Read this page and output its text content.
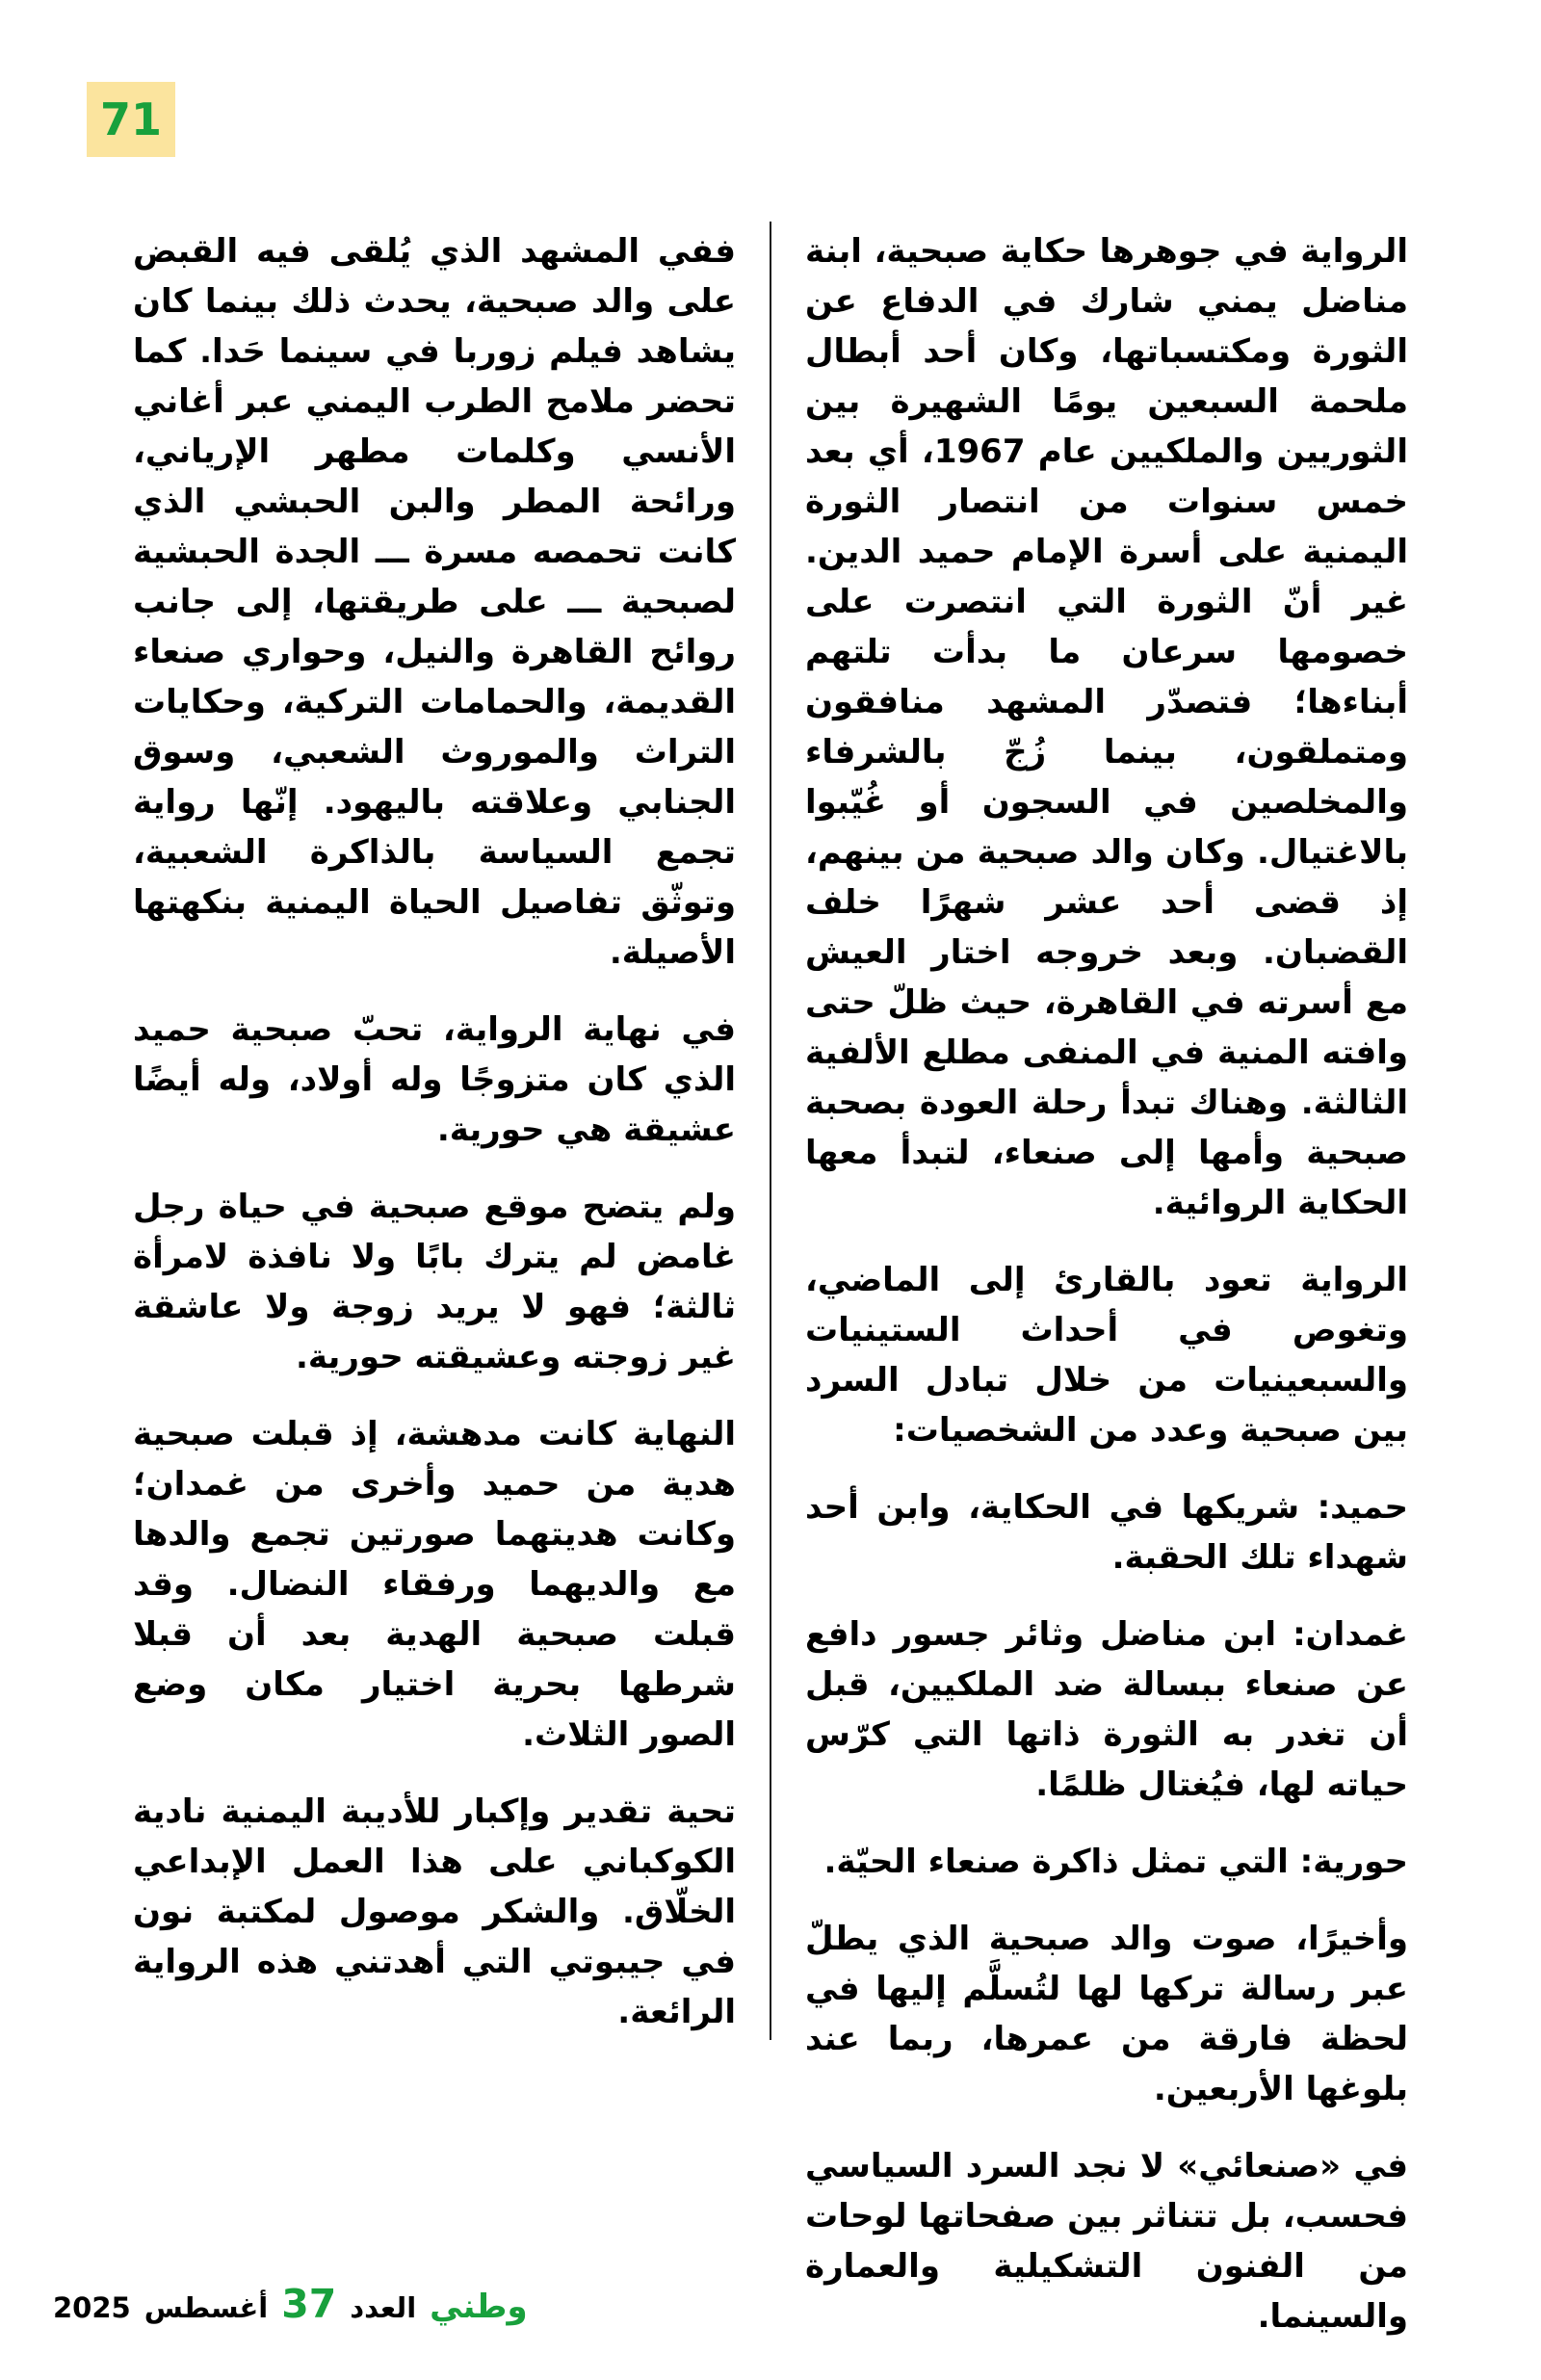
71

الرواية في جوهرها حكاية صبحية، ابنة مناضل يمني شارك في الدفاع عن الثورة ومكتسباتها، وكان أحد أبطال ملحمة السبعين يومًا الشهيرة بين الثوريين والملكيين عام 1967، أي بعد خمس سنوات من انتصار الثورة اليمنية على أسرة الإمام حميد الدين. غير أنّ الثورة التي انتصرت على خصومها سرعان ما بدأت تلتهم أبناءها؛ فتصدّر المشهد منافقون ومتملقون، بينما زُجّ بالشرفاء والمخلصين في السجون أو غُيّبوا بالاغتيال. وكان والد صبحية من بينهم، إذ قضى أحد عشر شهرًا خلف القضبان. وبعد خروجه اختار العيش مع أسرته في القاهرة، حيث ظلّ حتى وافته المنية في المنفى مطلع الألفية الثالثة. وهناك تبدأ رحلة العودة بصحبة صبحية وأمها إلى صنعاء، لتبدأ معها الحكاية الروائية.

الرواية تعود بالقارئ إلى الماضي، وتغوص في أحداث الستينيات والسبعينيات من خلال تبادل السرد بين صبحية وعدد من الشخصيات:

حميد: شريكها في الحكاية، وابن أحد شهداء تلك الحقبة.

غمدان: ابن مناضل وثائر جسور دافع عن صنعاء ببسالة ضد الملكيين، قبل أن تغدر به الثورة ذاتها التي كرّس حياته لها، فيُغتال ظلمًا.

حورية: التي تمثل ذاكرة صنعاء الحيّة.

وأخيرًا، صوت والد صبحية الذي يطلّ عبر رسالة تركها لها لتُسلَّم إليها في لحظة فارقة من عمرها، ربما عند بلوغها الأربعين.

في «صنعائي» لا نجد السرد السياسي فحسب، بل تتناثر بين صفحاتها لوحات من الفنون التشكيلية والعمارة والسينما.

ففي المشهد الذي يُلقى فيه القبض على والد صبحية، يحدث ذلك بينما كان يشاهد فيلم زوربا في سينما حَدا. كما تحضر ملامح الطرب اليمني عبر أغاني الأنسي وكلمات مطهر الإرياني، ورائحة المطر والبن الحبشي الذي كانت تحمصه مسرة ـــ الجدة الحبشية لصبحية ـــ على طريقتها، إلى جانب روائح القاهرة والنيل، وحواري صنعاء القديمة، والحمامات التركية، وحكايات التراث والموروث الشعبي، وسوق الجنابي وعلاقته باليهود. إنّها رواية تجمع السياسة بالذاكرة الشعبية، وتوثّق تفاصيل الحياة اليمنية بنكهتها الأصيلة.

في نهاية الرواية، تحبّ صبحية حميد الذي كان متزوجًا وله أولاد، وله أيضًا عشيقة هي حورية.

ولم يتضح موقع صبحية في حياة رجل غامض لم يترك بابًا ولا نافذة لامرأة ثالثة؛ فهو لا يريد زوجة ولا عاشقة غير زوجته وعشيقته حورية.

النهاية كانت مدهشة، إذ قبلت صبحية هدية من حميد وأخرى من غمدان؛ وكانت هديتهما صورتين تجمع والدها مع والديهما ورفقاء النضال. وقد قبلت صبحية الهدية بعد أن قبلا شرطها بحرية اختيار مكان وضع الصور الثلاث.

تحية تقدير وإكبار للأديبة اليمنية نادية الكوكباني على هذا العمل الإبداعي الخلّاق. والشكر موصول لمكتبة نون في جيبوتي التي أهدتني هذه الرواية الرائعة.

وطني
العدد
37
أغسطس
2025
